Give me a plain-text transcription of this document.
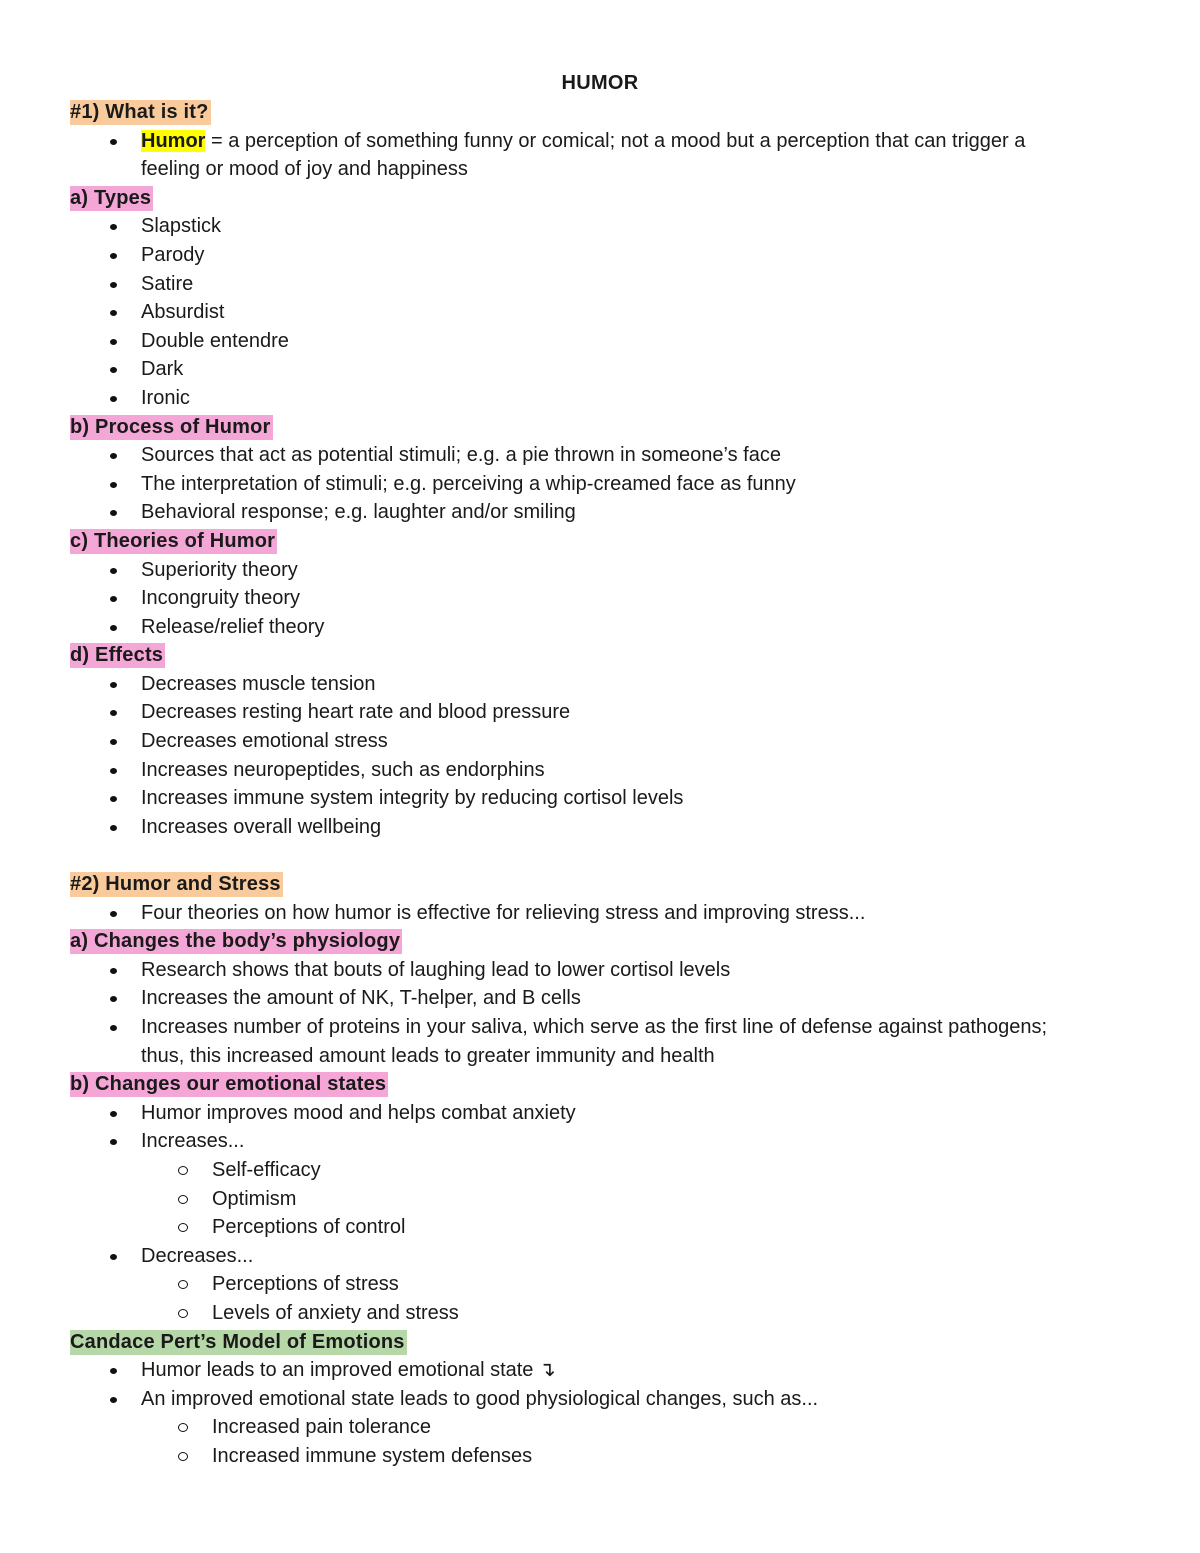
HUMOR
#1) What is it?
Humor = a perception of something funny or comical; not a mood but a perception that can trigger a
feeling or mood of joy and happiness
a) Types
Slapstick
Parody
Satire
Absurdist
Double entendre
Dark
Ironic
b) Process of Humor
Sources that act as potential stimuli; e.g. a pie thrown in someone’s face
The interpretation of stimuli; e.g. perceiving a whip-creamed face as funny
Behavioral response; e.g. laughter and/or smiling
c) Theories of Humor
Superiority theory
Incongruity theory
Release/relief theory
d) Effects
Decreases muscle tension
Decreases resting heart rate and blood pressure
Decreases emotional stress
Increases neuropeptides, such as endorphins
Increases immune system integrity by reducing cortisol levels
Increases overall wellbeing
#2) Humor and Stress
Four theories on how humor is effective for relieving stress and improving stress...
a) Changes the body’s physiology
Research shows that bouts of laughing lead to lower cortisol levels
Increases the amount of NK, T-helper, and B cells
Increases number of proteins in your saliva, which serve as the first line of defense against pathogens;
thus, this increased amount leads to greater immunity and health
b) Changes our emotional states
Humor improves mood and helps combat anxiety
Increases...
Self-efficacy
Optimism
Perceptions of control
Decreases...
Perceptions of stress
Levels of anxiety and stress
Candace Pert’s Model of Emotions
Humor leads to an improved emotional state ↴
An improved emotional state leads to good physiological changes, such as...
Increased pain tolerance
Increased immune system defenses
